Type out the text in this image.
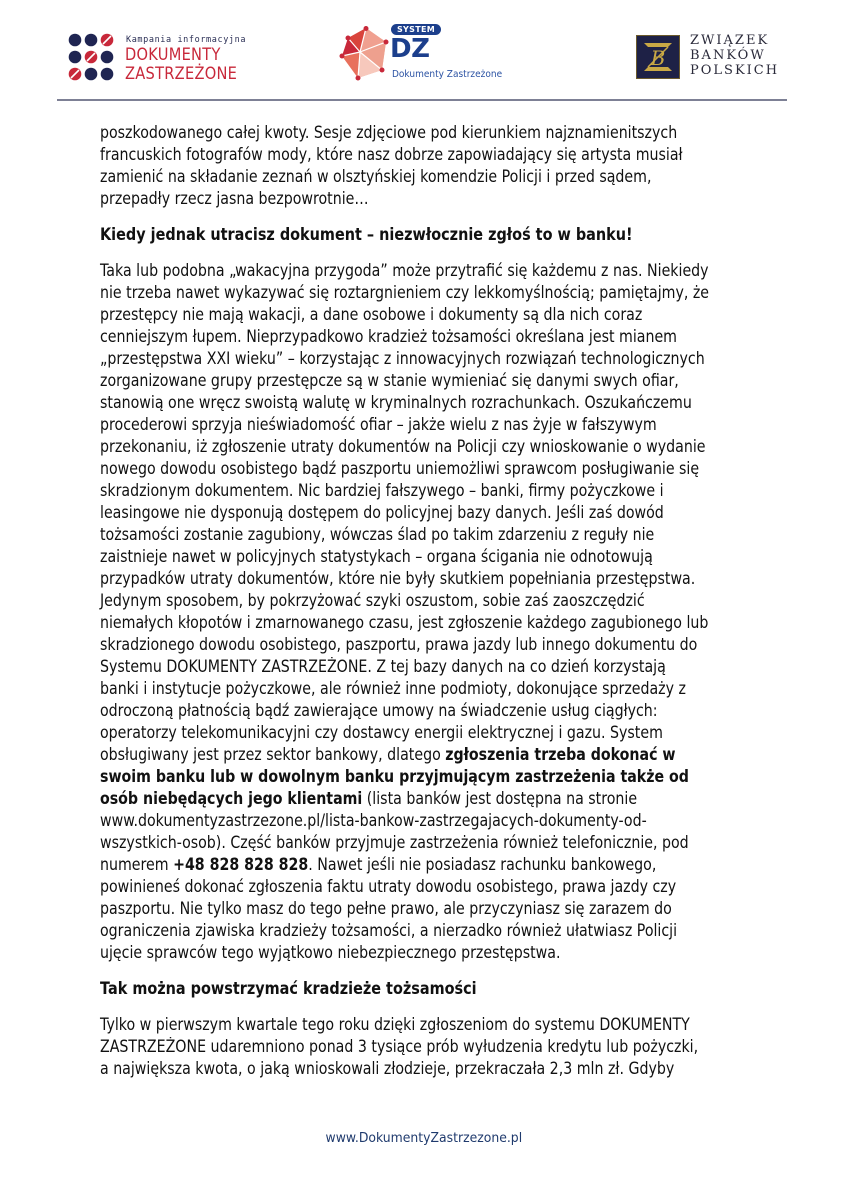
Kampania informacyjna
DOKUMENTY
ZASTRZEŻONE
SYSTEM
DZ
Dokumenty Zastrzeżone
B
ZWIĄZEK
BANKÓW
POLSKICH
poszkodowanego całej kwoty. Sesje zdjęciowe pod kierunkiem najznamienitszych
francuskich fotografów mody, które nasz dobrze zapowiadający się artysta musiał
zamienić na składanie zeznań w olsztyńskiej komendzie Policji i przed sądem,
przepadły rzecz jasna bezpowrotnie…
Kiedy jednak utracisz dokument – niezwłocznie zgłoś to w banku!
Taka lub podobna „wakacyjna przygoda” może przytrafić się każdemu z nas. Niekiedy
nie trzeba nawet wykazywać się roztargnieniem czy lekkomyślnością; pamiętajmy, że
przestępcy nie mają wakacji, a dane osobowe i dokumenty są dla nich coraz
cenniejszym łupem. Nieprzypadkowo kradzież tożsamości określana jest mianem
„przestępstwa XXI wieku” – korzystając z innowacyjnych rozwiązań technologicznych
zorganizowane grupy przestępcze są w stanie wymieniać się danymi swych ofiar,
stanowią one wręcz swoistą walutę w kryminalnych rozrachunkach. Oszukańczemu
procederowi sprzyja nieświadomość ofiar – jakże wielu z nas żyje w fałszywym
przekonaniu, iż zgłoszenie utraty dokumentów na Policji czy wnioskowanie o wydanie
nowego dowodu osobistego bądź paszportu uniemożliwi sprawcom posługiwanie się
skradzionym dokumentem. Nic bardziej fałszywego – banki, firmy pożyczkowe i
leasingowe nie dysponują dostępem do policyjnej bazy danych. Jeśli zaś dowód
tożsamości zostanie zagubiony, wówczas ślad po takim zdarzeniu z reguły nie
zaistnieje nawet w policyjnych statystykach – organa ścigania nie odnotowują
przypadków utraty dokumentów, które nie były skutkiem popełniania przestępstwa.
Jedynym sposobem, by pokrzyżować szyki oszustom, sobie zaś zaoszczędzić
niemałych kłopotów i zmarnowanego czasu, jest zgłoszenie każdego zagubionego lub
skradzionego dowodu osobistego, paszportu, prawa jazdy lub innego dokumentu do
Systemu DOKUMENTY ZASTRZEŻONE. Z tej bazy danych na co dzień korzystają
banki i instytucje pożyczkowe, ale również inne podmioty, dokonujące sprzedaży z
odroczoną płatnością bądź zawierające umowy na świadczenie usług ciągłych:
operatorzy telekomunikacyjni czy dostawcy energii elektrycznej i gazu. System
obsługiwany jest przez sektor bankowy, dlatego zgłoszenia trzeba dokonać w
swoim banku lub w dowolnym banku przyjmującym zastrzeżenia także od
osób niebędących jego klientami (lista banków jest dostępna na stronie
www.dokumentyzastrzezone.pl/lista-bankow-zastrzegajacych-dokumenty-od-
wszystkich-osob). Część banków przyjmuje zastrzeżenia również telefonicznie, pod
numerem +48 828 828 828. Nawet jeśli nie posiadasz rachunku bankowego,
powinieneś dokonać zgłoszenia faktu utraty dowodu osobistego, prawa jazdy czy
paszportu. Nie tylko masz do tego pełne prawo, ale przyczyniasz się zarazem do
ograniczenia zjawiska kradzieży tożsamości, a nierzadko również ułatwiasz Policji
ujęcie sprawców tego wyjątkowo niebezpiecznego przestępstwa.
Tak można powstrzymać kradzieże tożsamości
Tylko w pierwszym kwartale tego roku dzięki zgłoszeniom do systemu DOKUMENTY
ZASTRZEŻONE udaremniono ponad 3 tysiące prób wyłudzenia kredytu lub pożyczki,
a największa kwota, o jaką wnioskowali złodzieje, przekraczała 2,3 mln zł. Gdyby
www.DokumentyZastrzezone.pl
